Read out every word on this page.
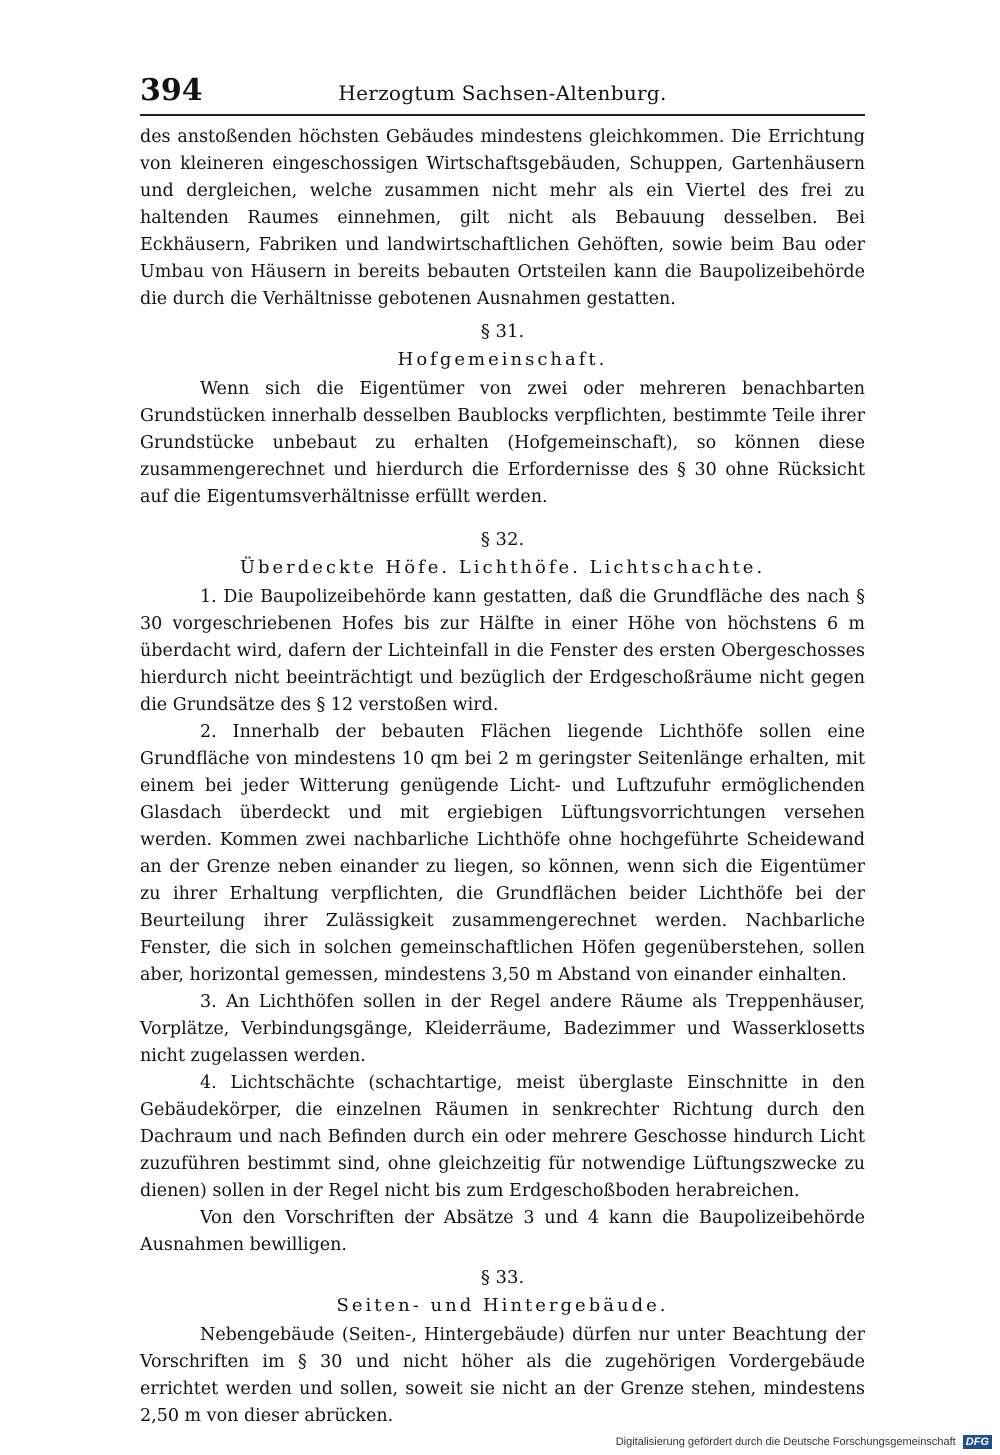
394	Herzogtum Sachsen-Altenburg.

des anstoßenden höchsten Gebäudes mindestens gleichkommen. Die Errichtung von kleineren eingeschossigen Wirtschaftsgebäuden, Schuppen, Gartenhäusern und dergleichen, welche zusammen nicht mehr als ein Viertel des frei zu haltenden Raumes einnehmen, gilt nicht als Bebauung desselben. Bei Eckhäusern, Fabriken und landwirtschaftlichen Gehöften, sowie beim Bau oder Umbau von Häusern in bereits bebauten Ortsteilen kann die Baupolizeibehörde die durch die Verhältnisse gebotenen Ausnahmen gestatten.

§ 31.
Hofgemeinschaft.

Wenn sich die Eigentümer von zwei oder mehreren benachbarten Grundstücken innerhalb desselben Baublocks verpflichten, bestimmte Teile ihrer Grundstücke unbebaut zu erhalten (Hofgemeinschaft), so können diese zusammengerechnet und hierdurch die Erfordernisse des § 30 ohne Rücksicht auf die Eigentumsverhältnisse erfüllt werden.

§ 32.
Überdeckte Höfe. Lichthöfe. Lichtschachte.

1. Die Baupolizeibehörde kann gestatten, daß die Grundfläche des nach § 30 vorgeschriebenen Hofes bis zur Hälfte in einer Höhe von höchstens 6 m überdacht wird, dafern der Lichteinfall in die Fenster des ersten Obergeschosses hierdurch nicht beeinträchtigt und bezüglich der Erdgeschoßräume nicht gegen die Grundsätze des § 12 verstoßen wird.

2. Innerhalb der bebauten Flächen liegende Lichthöfe sollen eine Grundfläche von mindestens 10 qm bei 2 m geringster Seitenlänge erhalten, mit einem bei jeder Witterung genügende Licht- und Luftzufuhr ermöglichenden Glasdach überdeckt und mit ergiebigen Lüftungsvorrichtungen versehen werden. Kommen zwei nachbarliche Lichthöfe ohne hochgeführte Scheidewand an der Grenze neben einander zu liegen, so können, wenn sich die Eigentümer zu ihrer Erhaltung verpflichten, die Grundflächen beider Lichthöfe bei der Beurteilung ihrer Zulässigkeit zusammengerechnet werden. Nachbarliche Fenster, die sich in solchen gemeinschaftlichen Höfen gegenüberstehen, sollen aber, horizontal gemessen, mindestens 3,50 m Abstand von einander einhalten.

3. An Lichthöfen sollen in der Regel andere Räume als Treppenhäuser, Vorplätze, Verbindungsgänge, Kleiderräume, Badezimmer und Wasserklosetts nicht zugelassen werden.

4. Lichtschächte (schachtartige, meist überglaste Einschnitte in den Gebäudekörper, die einzelnen Räumen in senkrechter Richtung durch den Dachraum und nach Befinden durch ein oder mehrere Geschosse hindurch Licht zuzuführen bestimmt sind, ohne gleichzeitig für notwendige Lüftungszwecke zu dienen) sollen in der Regel nicht bis zum Erdgeschoßboden herabreichen.

Von den Vorschriften der Absätze 3 und 4 kann die Baupolizeibehörde Ausnahmen bewilligen.

§ 33.
Seiten- und Hintergebäude.

Nebengebäude (Seiten-, Hintergebäude) dürfen nur unter Beachtung der Vorschriften im § 30 und nicht höher als die zugehörigen Vordergebäude errichtet werden und sollen, soweit sie nicht an der Grenze stehen, mindestens 2,50 m von dieser abrücken.

Digitalisierung gefördert durch die Deutsche Forschungsgemeinschaft DFG
